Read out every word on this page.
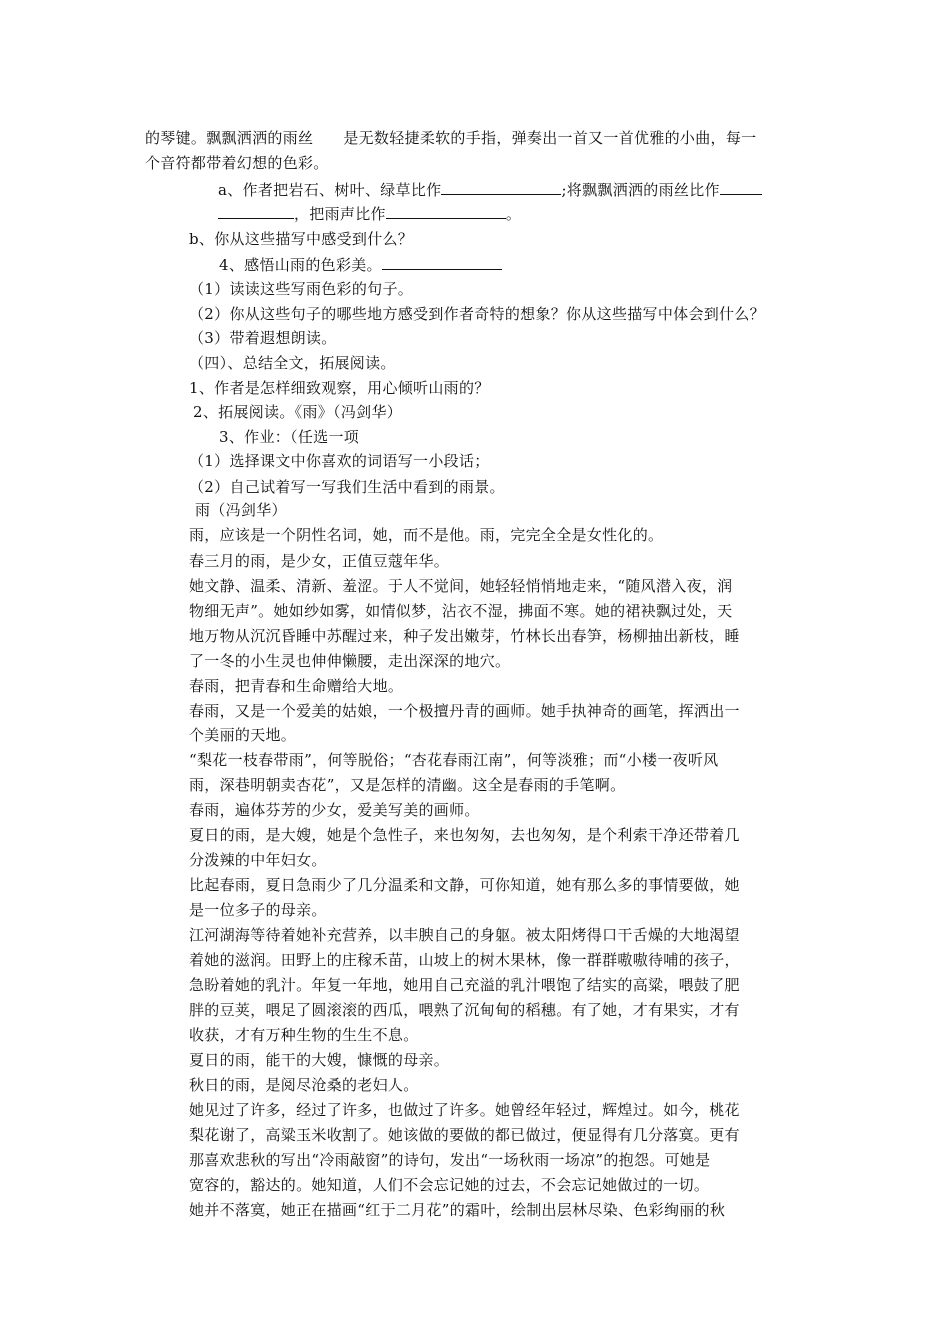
的琴键。飘飘洒洒的雨丝 是无数轻捷柔软的手指，弹奏出一首又一首优雅的小曲，每一
个音符都带着幻想的色彩。
a、作者把岩石、树叶、绿草比作	;将飘飘洒洒的雨丝比作
，把雨声比作	。
b、你从这些描写中感受到什么？
4、感悟山雨的色彩美。
（1）读读这些写雨色彩的句子。
（2）你从这些句子的哪些地方感受到作者奇特的想象？你从这些描写中体会到什么？
（3）带着遐想朗读。
（四）、总结全文，拓展阅读。
1、作者是怎样细致观察，用心倾听山雨的？
2、拓展阅读。《雨》（冯剑华）
3、作业：（任选一项
（1）选择课文中你喜欢的词语写一小段话；
（2）自己试着写一写我们生活中看到的雨景。
雨（冯剑华）
雨，应该是一个阴性名词，她，而不是他。雨，完完全全是女性化的。
春三月的雨，是少女，正值豆蔻年华。
她文静、温柔、清新、羞涩。于人不觉间，她轻轻悄悄地走来，“随风潜入夜，润
物细无声”。她如纱如雾，如情似梦，沾衣不湿，拂面不寒。她的裙袂飘过处，天
地万物从沉沉昏睡中苏醒过来，种子发出嫩芽，竹林长出春笋，杨柳抽出新枝，睡
了一冬的小生灵也伸伸懒腰，走出深深的地穴。
春雨，把青春和生命赠给大地。
春雨，又是一个爱美的姑娘，一个极擅丹青的画师。她手执神奇的画笔，挥洒出一
个美丽的天地。
“梨花一枝春带雨”，何等脱俗；“杏花春雨江南”，何等淡雅；而“小楼一夜听风
雨，深巷明朝卖杏花”，又是怎样的清幽。这全是春雨的手笔啊。
春雨，遍体芬芳的少女，爱美写美的画师。
夏日的雨，是大嫂，她是个急性子，来也匆匆，去也匆匆，是个利索干净还带着几
分泼辣的中年妇女。
比起春雨，夏日急雨少了几分温柔和文静，可你知道，她有那么多的事情要做，她
是一位多子的母亲。
江河湖海等待着她补充营养，以丰腴自己的身躯。被太阳烤得口干舌燥的大地渴望
着她的滋润。田野上的庄稼禾苗，山坡上的树木果林，像一群群嗷嗷待哺的孩子，
急盼着她的乳汁。年复一年地，她用自己充溢的乳汁喂饱了结实的高粱，喂鼓了肥
胖的豆荚，喂足了圆滚滚的西瓜，喂熟了沉甸甸的稻穗。有了她，才有果实，才有
收获，才有万种生物的生生不息。
夏日的雨，能干的大嫂，慷慨的母亲。
秋日的雨，是阅尽沧桑的老妇人。
她见过了许多，经过了许多，也做过了许多。她曾经年轻过，辉煌过。如今，桃花
梨花谢了，高粱玉米收割了。她该做的要做的都已做过，便显得有几分落寞。更有
那喜欢悲秋的写出“冷雨敲窗”的诗句，发出“一场秋雨一场凉”的抱怨。可她是
宽容的，豁达的。她知道，人们不会忘记她的过去，不会忘记她做过的一切。
她并不落寞，她正在描画“红于二月花”的霜叶，绘制出层林尽染、色彩绚丽的秋
